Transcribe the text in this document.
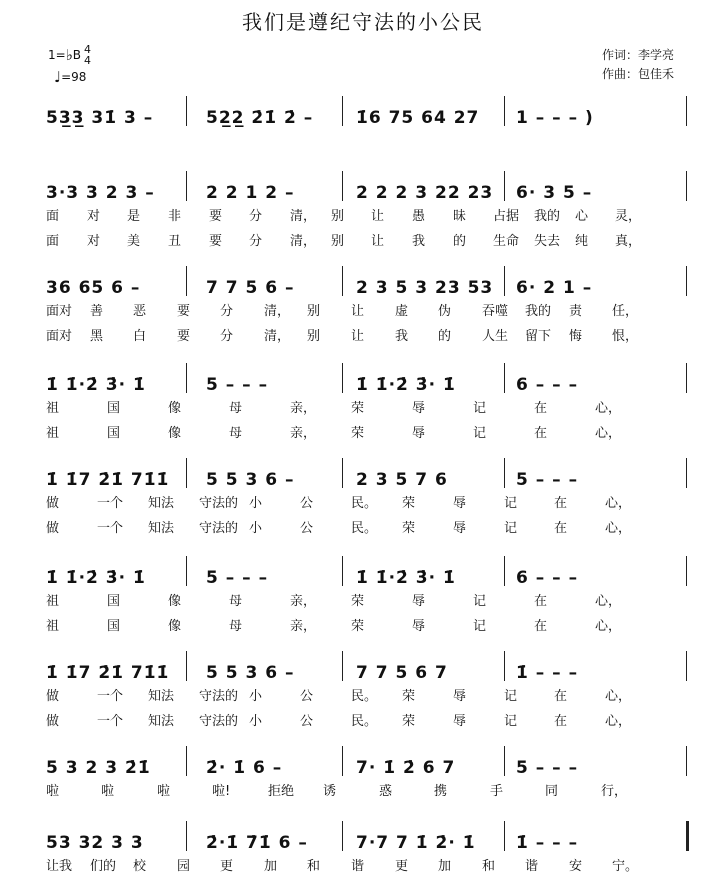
我们是遵纪守法的小公民
1= ♭ B 4
4
♩ =98
作词：李学亮
作曲：包佳禾
53̲3̲ 31̇ 3 –	52̲2̲ 2̇1̇ 2̇ –	1̇6 75 64 27 1 – – – )
3·3 3 2 3 –	2 2 1 2 –	2 2 2 3 22 23 6· 3 5 –
面 对 是 非 要 分 清， 别 让 愚 昧 占据 我的 心 灵，
面 对 美 丑 要 分 清， 别 让 我 的 生命 失去 纯 真，
36 65 6 –	7 7 5 6 –	2 3 5 3 23 53 6· 2 1 –
面对 善 恶 要 分 清， 别 让 虚 伪 吞噬 我的 责 任，
面对 黑 白 要 分 清， 别 让 我 的 人生 留下 悔 恨，
1̇ 1̇·2̇ 3̇· 1̇	5 – – –	1̇ 1̇·2̇ 3̇· 1̇	6 – – –
祖	国	像	母	亲，	荣	辱	记	在	心，
祖	国	像	母	亲，	荣	辱	记	在	心，
1̇ 1̇7 2̇1̇ 71̇1̇ 5 5 3 6 –	2 3 5 7 6	5 – – –
做	一个 知法 守法的 小	公	民。 荣	辱	记	在	心，
做	一个 知法 守法的 小	公	民。 荣	辱	记	在	心，
1̇ 1̇·2̇ 3̇· 1̇	5 – – –	1̇ 1̇·2̇ 3̇· 1̇	6 – – –
祖	国	像	母	亲，	荣	辱	记	在	心，
祖	国	像	母	亲，	荣	辱	记	在	心，
1̇ 1̇7 2̇1̇ 71̇1̇ 5 5 3 6 –	7 7 5 6 7	1̇ – – –
做	一个 知法 守法的 小	公	民。 荣	辱	记	在	心，
做	一个 知法 守法的 小	公	民。 荣	辱	记	在	心，
5 3 2 3 2̇1̇	2̇· 1̇ 6 –	7· 1̇ 2̇ 6 7	5 – – –
啦	啦	啦	啦!	拒绝 诱	惑	携	手	同	行，
53 32 3 3	2̇·1̇ 7̇1̇ 6 –	7·7 7 1̇ 2̇· 1̇ 1̇ – – –
让我 们的 校 园 更 加 和 谐 更 加 和 谐 安 宁。
